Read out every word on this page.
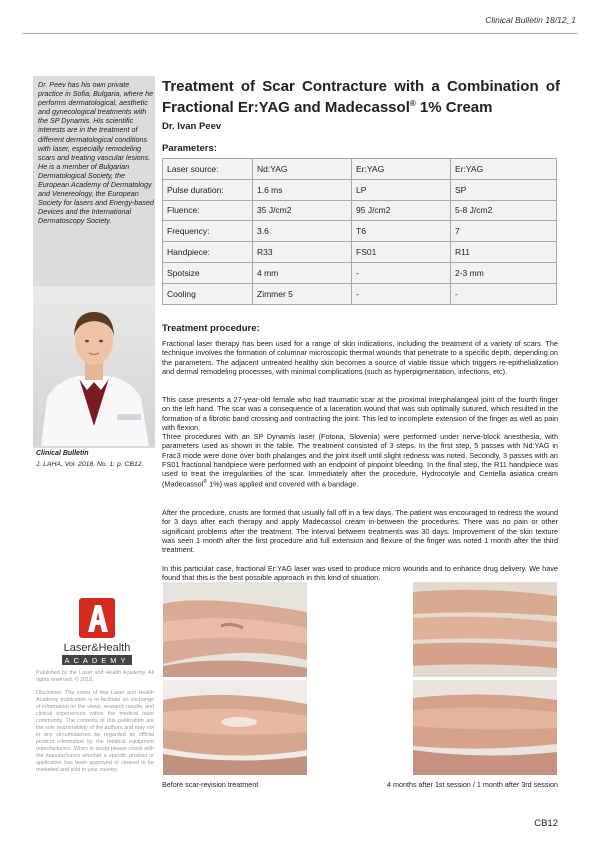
Clinical Bulletin 18/12_1
Dr. Peev has his own private practice in Sofia, Bulgaria, where he performs dermatological, aesthetic and gynecological treatments with the SP Dynamis. His scientific interests are in the treatment of different dermatological conditions with laser, especially remodeling scars and treating vascular lesions. He is a member of Bulgarian Dermatological Society, the European Academy of Dermatology and Venereology, the European Society for lasers and Energy-based Devices and the International Dermatoscopy Society.
Clinical Bulletin
J. LAHA, Vol. 2018, No. 1; p. CB12.
Laser&Health
ACADEMY
Published by the Laser and Health Academy. All rights reserved. © 2018.
Disclaimer: The intent of this Laser and Health Academy publication is to facilitate an exchange of information on the views, research results, and clinical experiences within the medical laser community. The contents of this publication are the sole responsibility of the authors and may not in any circumstances be regarded as official product information by the medical equipment manufacturers. When in doubt please check with the manufacturers whether a specific product or application has been approved or cleared to be marketed and sold in your country.
Treatment of Scar Contracture with a Combination of Fractional Er:YAG and Madecassol® 1% Cream
Dr. Ivan Peev
Parameters:
Laser source:	Nd:YAG	Er:YAG	Er:YAG
Pulse duration:	1.6 ms	LP	SP
Fluence:	35 J/cm2	95 J/cm2	5-8 J/cm2
Frequency:	3.6	T6	7
Handpiece:	R33	FS01	R11
Spotsize	4 mm	-	2-3 mm
Cooling	Zimmer 5	-	-
Treatment procedure:

Fractional laser therapy has been used for a range of skin indications, including the treatment of a variety of scars. The technique involves the formation of columnar microscopic thermal wounds that penetrate to a specific depth, depending on the parameters. The adjacent untreated healthy skin becomes a source of viable tissue which triggers re-epithelialization and dermal remodeling processes, with minimal complications (such as hyperpigmentation, infections, etc).

This case presents a 27-year-old female who had traumatic scar at the proximal interphalangeal joint of the fourth finger on the left hand. The scar was a consequence of a laceration wound that was sub optimally sutured, which resulted in the formation of a fibrotic band crossing and contracting the joint. This led to incomplete extension of the finger as well as pain with flexion.

Three procedures with an SP Dynamis laser (Fotona, Slovenia) were performed under nerve-block anesthesia, with parameters used as shown in the table. The treatment consisted of 3 steps. In the first step, 5 passes with Nd:YAG in Frac3 mode were done over both phalanges and the joint itself until slight redness was noted. Secondly, 3 passes with an FS01 fractional handpiece were performed with an endpoint of pinpoint bleeding. In the final step, the R11 handpiece was used to treat the irregularities of the scar. Immediately after the procedure, Hydrocotyle and Centella asiatica cream (Madecassol® 1%) was applied and covered with a bandage.

After the procedure, crusts are formed that usually fall off in a few days. The patient was encouraged to redress the wound for 3 days after each therapy and apply Madecassol cream in-between the procedures. There was no pain or other significant problems after the treatment. The interval between treatments was 30 days. Improvement of the skin texture was seen 1 month after the first procedure and full extension and flexure of the finger was noted 1 month after the third treatment.

In this particular case, fractional Er:YAG laser was used to produce micro wounds and to enhance drug delivery. We have found that this is the best possible approach in this kind of situation.

Before scar-revision treatment	4 months after 1st session / 1 month after 3rd session
CB12
